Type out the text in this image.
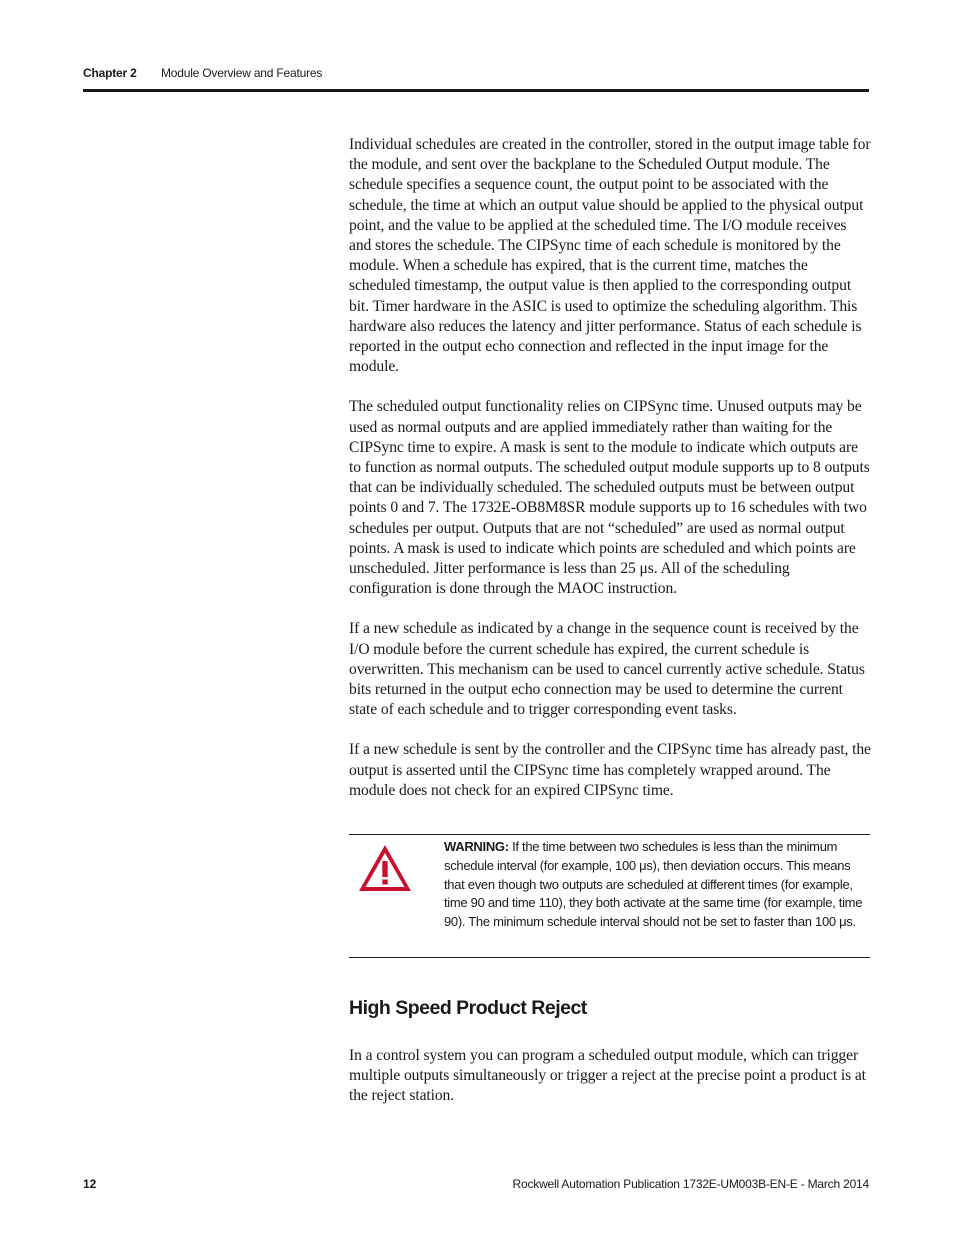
Chapter 2 Module Overview and Features

Individual schedules are created in the controller, stored in the output image table for the module, and sent over the backplane to the Scheduled Output module. The schedule specifies a sequence count, the output point to be associated with the schedule, the time at which an output value should be applied to the physical output point, and the value to be applied at the scheduled time. The I/O module receives and stores the schedule. The CIPSync time of each schedule is monitored by the module. When a schedule has expired, that is the current time, matches the scheduled timestamp, the output value is then applied to the corresponding output bit. Timer hardware in the ASIC is used to optimize the scheduling algorithm. This hardware also reduces the latency and jitter performance. Status of each schedule is reported in the output echo connection and reflected in the input image for the module.

The scheduled output functionality relies on CIPSync time. Unused outputs may be used as normal outputs and are applied immediately rather than waiting for the CIPSync time to expire. A mask is sent to the module to indicate which outputs are to function as normal outputs. The scheduled output module supports up to 8 outputs that can be individually scheduled. The scheduled outputs must be between output points 0 and 7. The 1732E-OB8M8SR module supports up to 16 schedules with two schedules per output. Outputs that are not “scheduled” are used as normal output points. A mask is used to indicate which points are scheduled and which points are unscheduled. Jitter performance is less than 25 μs. All of the scheduling configuration is done through the MAOC instruction.

If a new schedule as indicated by a change in the sequence count is received by the I/O module before the current schedule has expired, the current schedule is overwritten. This mechanism can be used to cancel currently active schedule. Status bits returned in the output echo connection may be used to determine the current state of each schedule and to trigger corresponding event tasks.

If a new schedule is sent by the controller and the CIPSync time has already past, the output is asserted until the CIPSync time has completely wrapped around. The module does not check for an expired CIPSync time.

WARNING: If the time between two schedules is less than the minimum schedule interval (for example, 100 μs), then deviation occurs. This means that even though two outputs are scheduled at different times (for example, time 90 and time 110), they both activate at the same time (for example, time 90). The minimum schedule interval should not be set to faster than 100 μs.
High Speed Product Reject

In a control system you can program a scheduled output module, which can trigger multiple outputs simultaneously or trigger a reject at the precise point a product is at the reject station.

12	Rockwell Automation Publication 1732E-UM003B-EN-E - March 2014
